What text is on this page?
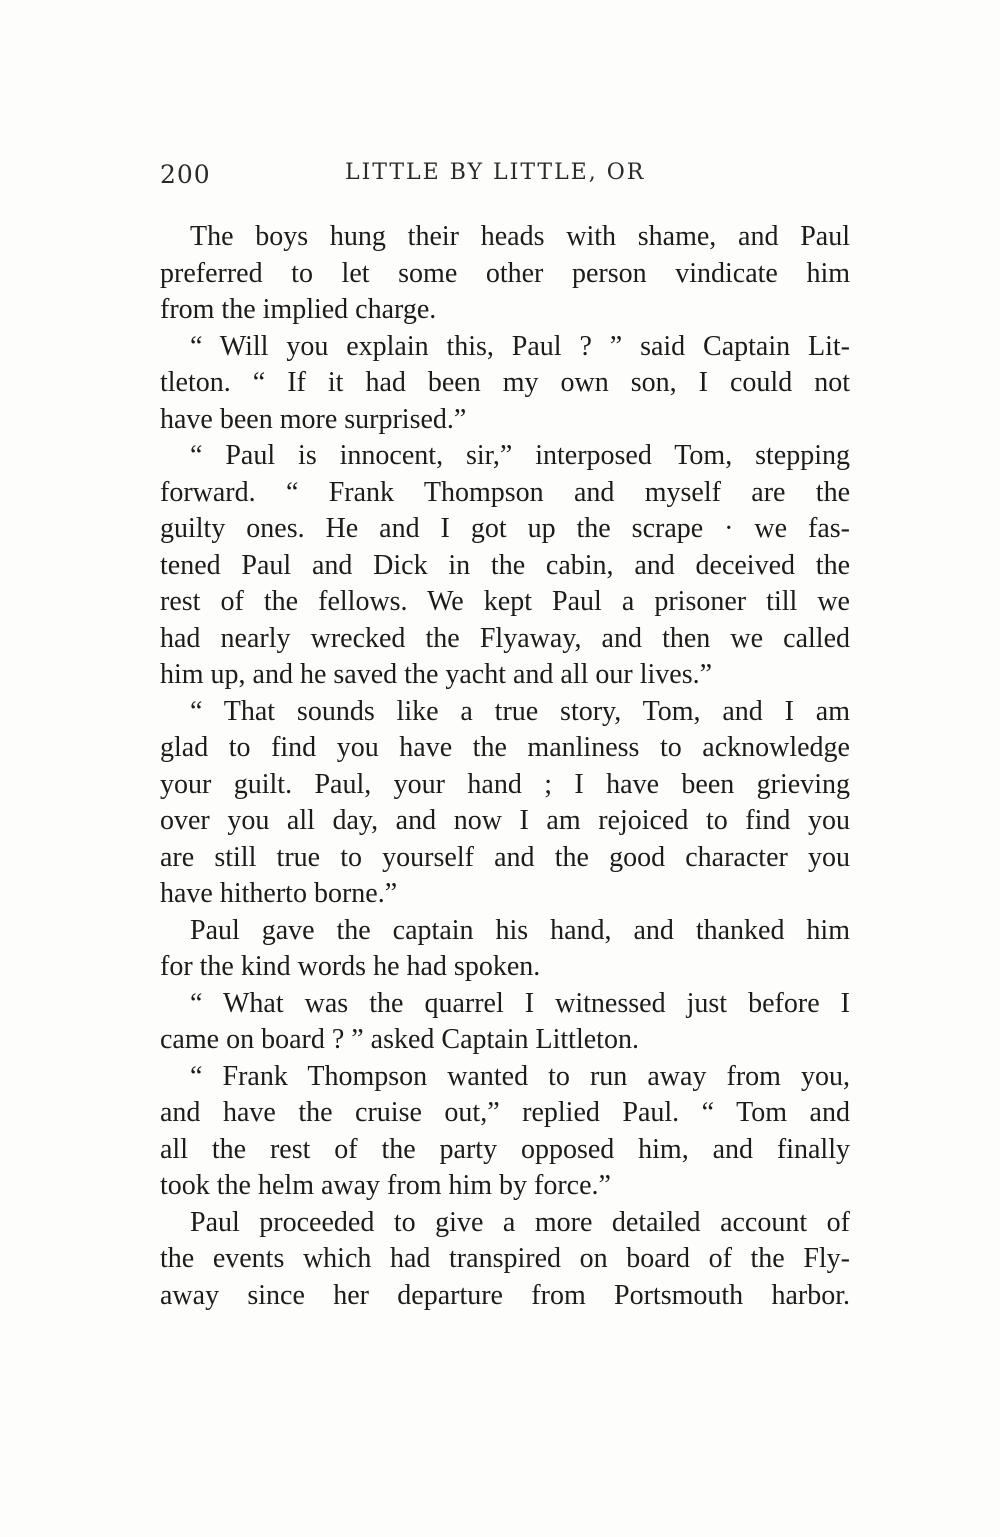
200	LITTLE BY LITTLE, OR
The boys hung their heads with shame, and Paul
preferred to let some other person vindicate him
from the implied charge.
“ Will you explain this, Paul ? ” said Captain Lit-
tleton. “ If it had been my own son, I could not
have been more surprised.”
“ Paul is innocent, sir,” interposed Tom, stepping
forward. “ Frank Thompson and myself are the
guilty ones. He and I got up the scrape · we fas-
tened Paul and Dick in the cabin, and deceived the
rest of the fellows. We kept Paul a prisoner till we
had nearly wrecked the Flyaway, and then we called
him up, and he saved the yacht and all our lives.”
“ That sounds like a true story, Tom, and I am
glad to find you have the manliness to acknowledge
your guilt. Paul, your hand ; I have been grieving
over you all day, and now I am rejoiced to find you
are still true to yourself and the good character you
have hitherto borne.”
Paul gave the captain his hand, and thanked him
for the kind words he had spoken.
“ What was the quarrel I witnessed just before I
came on board ? ” asked Captain Littleton.
“ Frank Thompson wanted to run away from you,
and have the cruise out,” replied Paul. “ Tom and
all the rest of the party opposed him, and finally
took the helm away from him by force.”
Paul proceeded to give a more detailed account of
the events which had transpired on board of the Fly-
away since her departure from Portsmouth harbor.
